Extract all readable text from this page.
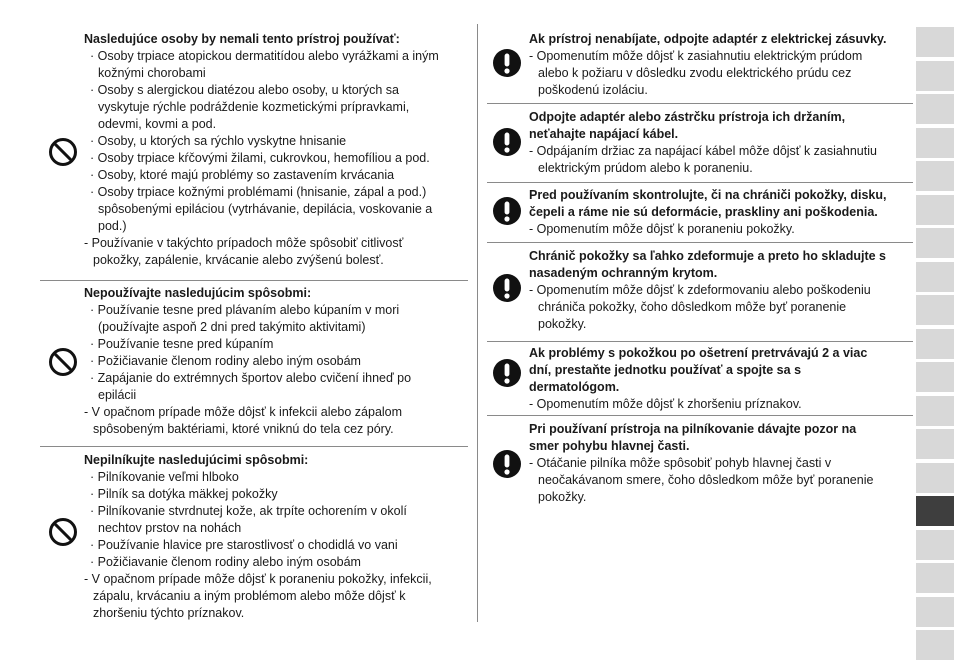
Nasledujúce osoby by nemali tento prístroj používať:
· Osoby trpiace atopickou dermatitídou alebo vyrážkami a iným
kožnými chorobami
· Osoby s alergickou diatézou alebo osoby, u ktorých sa
vyskytuje rýchle podráždenie kozmetickými prípravkami,
odevmi, kovmi a pod.
· Osoby, u ktorých sa rýchlo vyskytne hnisanie
· Osoby trpiace kŕčovými žilami, cukrovkou, hemofíliou a pod.
· Osoby, ktoré majú problémy so zastavením krvácania
· Osoby trpiace kožnými problémami (hnisanie, zápal a pod.)
spôsobenými epiláciou (vytrhávanie, depilácia, voskovanie a
pod.)
- Používanie v takýchto prípadoch môže spôsobiť citlivosť
pokožky, zapálenie, krvácanie alebo zvýšenú bolesť.
Nepoužívajte nasledujúcim spôsobmi:
· Používanie tesne pred plávaním alebo kúpaním v mori
(používajte aspoň 2 dni pred takýmito aktivitami)
· Používanie tesne pred kúpaním
· Požičiavanie členom rodiny alebo iným osobám
· Zapájanie do extrémnych športov alebo cvičení ihneď po
epilácii
- V opačnom prípade môže dôjsť k infekcii alebo zápalom
spôsobeným baktériami, ktoré vniknú do tela cez póry.
Nepilníkujte nasledujúcimi spôsobmi:
· Pilníkovanie veľmi hlboko
· Pilník sa dotýka mäkkej pokožky
· Pilníkovanie stvrdnutej kože, ak trpíte ochorením v okolí
nechtov prstov na nohách
· Používanie hlavice pre starostlivosť o chodidlá vo vani
· Požičiavanie členom rodiny alebo iným osobám
- V opačnom prípade môže dôjsť k poraneniu pokožky, infekcii,
zápalu, krvácaniu a iným problémom alebo môže dôjsť k
zhoršeniu týchto príznakov.
Ak prístroj nenabíjate, odpojte adaptér z elektrickej zásuvky.
- Opomenutím môže dôjsť k zasiahnutiu elektrickým prúdom
alebo k požiaru v dôsledku zvodu elektrického prúdu cez
poškodenú izoláciu.
Odpojte adaptér alebo zástrčku prístroja ich držaním,
neťahajte napájací kábel.
- Odpájaním držiac za napájací kábel môže dôjsť k zasiahnutiu
elektrickým prúdom alebo k poraneniu.
Pred používaním skontrolujte, či na chrániči pokožky, disku,
čepeli a ráme nie sú deformácie, praskliny ani poškodenia.
- Opomenutím môže dôjsť k poraneniu pokožky.
Chránič pokožky sa ľahko zdeformuje a preto ho skladujte s
nasadeným ochranným krytom.
- Opomenutím môže dôjsť k zdeformovaniu alebo poškodeniu
chrániča pokožky, čoho dôsledkom môže byť poranenie
pokožky.
Ak problémy s pokožkou po ošetrení pretrvávajú 2 a viac
dní, prestaňte jednotku používať a spojte sa s
dermatológom.
- Opomenutím môže dôjsť k zhoršeniu príznakov.
Pri používaní prístroja na pilníkovanie dávajte pozor na
smer pohybu hlavnej časti.
- Otáčanie pilníka môže spôsobiť pohyb hlavnej časti v
neočakávanom smere, čoho dôsledkom môže byť poranenie
pokožky.
